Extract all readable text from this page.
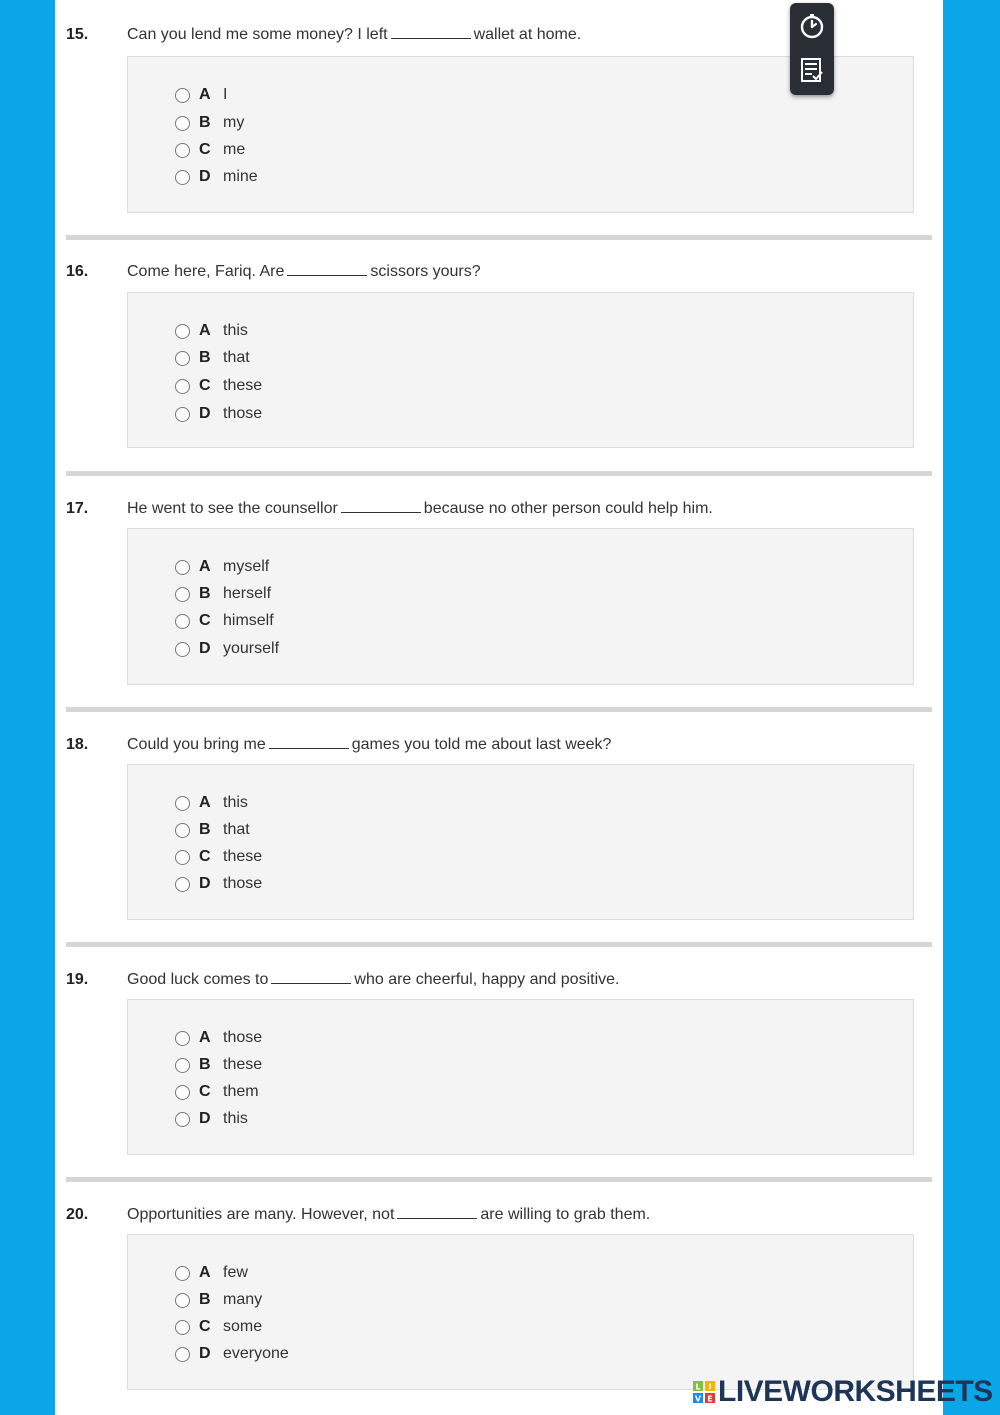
15. Can you lend me some money? I left	wallet at home.
A I
B my
C me
D mine
16. Come here, Fariq. Are	scissors yours?
A this
B that
C these
D those
17. He went to see the counsellor	because no other person could help him.
A myself
B herself
C himself
D yourself
18. Could you bring me	games you told me about last week?
A this
B that
C these
D those
19. Good luck comes to	who are cheerful, happy and positive.
A those
B these
C them
D this
20. Opportunities are many. However, not	are willing to grab them.
A few
B many
C some
D everyone
L I
V E LIVEWORKSHEETS
